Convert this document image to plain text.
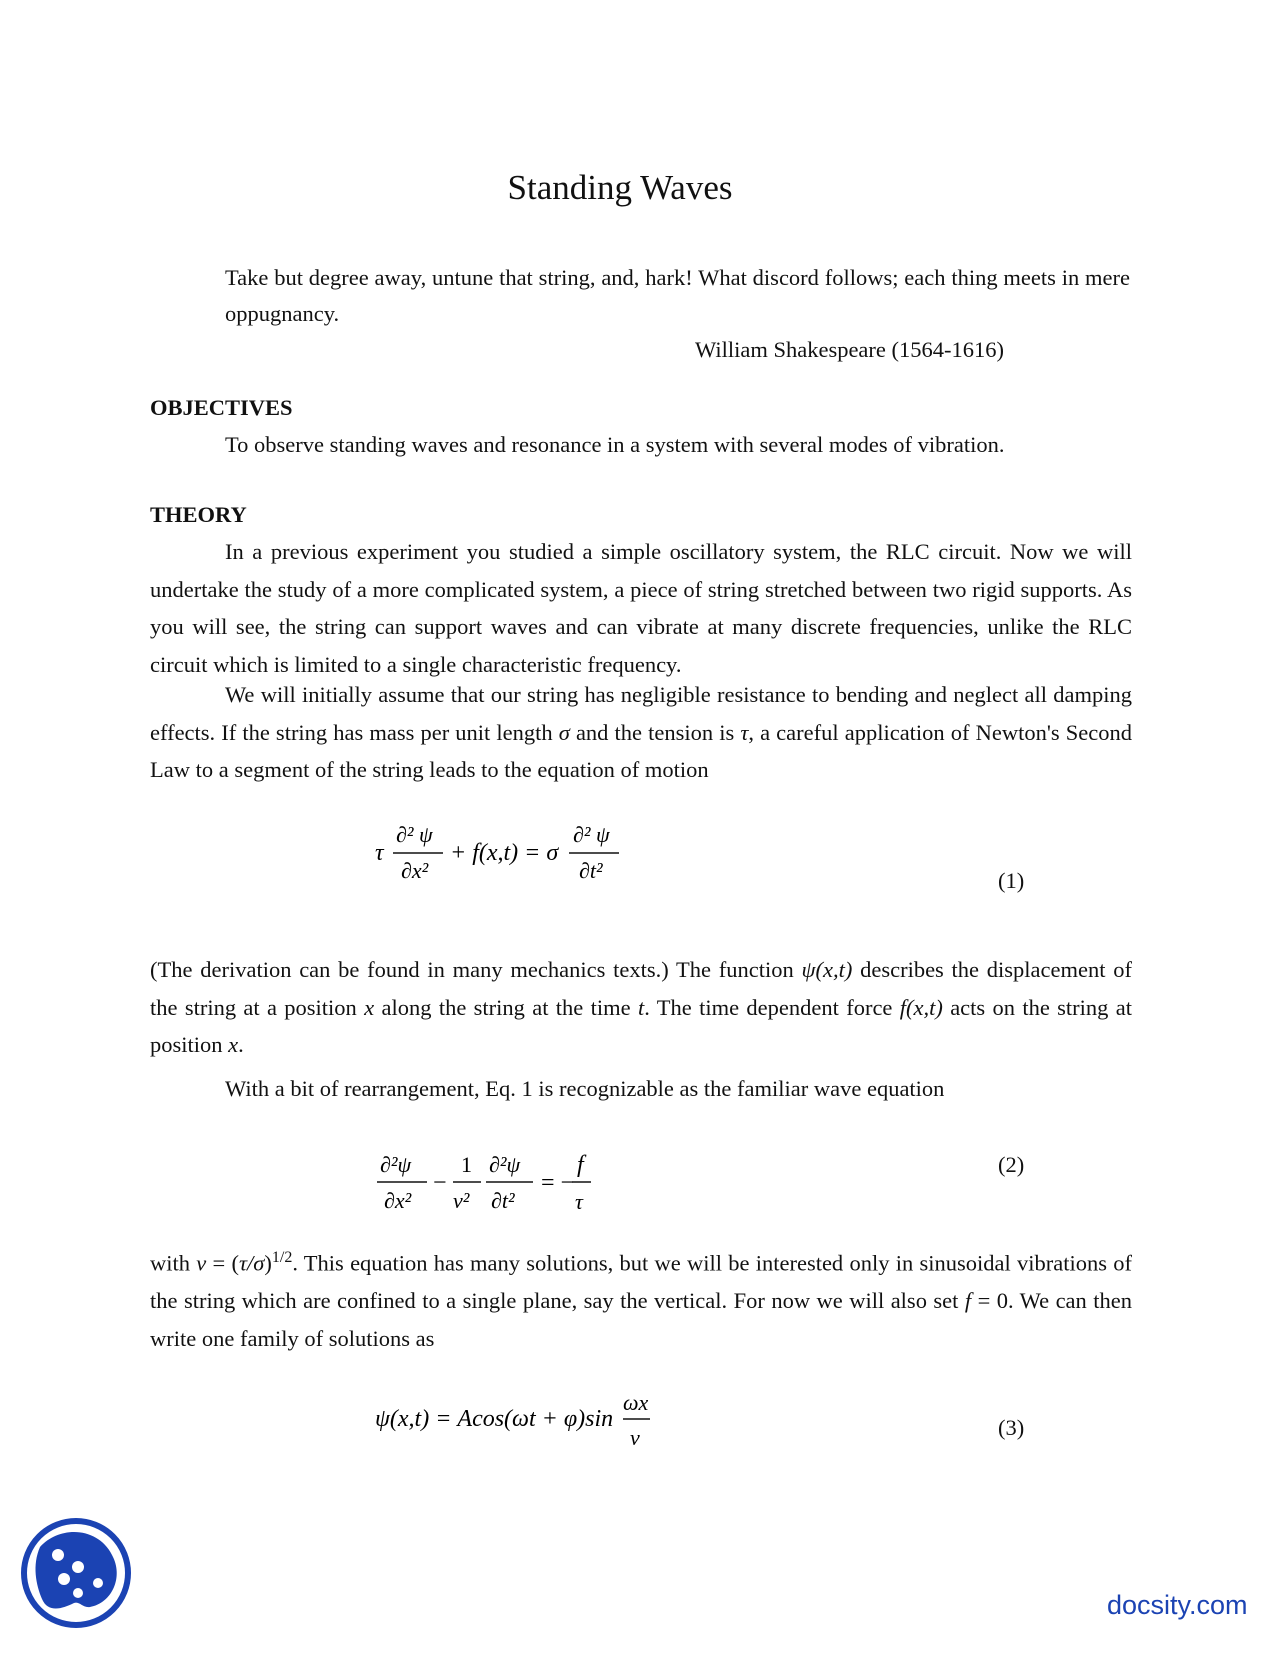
Standing Waves
Take but degree away, untune that string, and, hark! What discord follows; each thing meets in mere oppugnancy.
William Shakespeare (1564-1616)
OBJECTIVES

To observe standing waves and resonance in a system with several modes of vibration.

THEORY

In a previous experiment you studied a simple oscillatory system, the RLC circuit. Now we will undertake the study of a more complicated system, a piece of string stretched between two rigid supports. As you will see, the string can support waves and can vibrate at many discrete frequencies, unlike the RLC circuit which is limited to a single characteristic frequency.

We will initially assume that our string has negligible resistance to bending and neglect all damping effects. If the string has mass per unit length σ and the tension is τ, a careful application of Newton's Second Law to a segment of the string leads to the equation of motion

τ
∂² ψ
∂x²
+ f(x,t) = σ
∂² ψ
∂t²	(1)

(The derivation can be found in many mechanics texts.) The function ψ(x,t) describes the displacement of the string at a position x along the string at the time t. The time dependent force f(x,t) acts on the string at position x.

With a bit of rearrangement, Eq. 1 is recognizable as the familiar wave equation

∂²ψ
∂x²
−
1
v²
∂²ψ
∂t²
= −
f
τ
(2)

with $v = (\tau/\sigma)^{1/2}$. This equation has many solutions, but we will be interested only in sinusoidal vibrations of the string which are confined to a single plane, say the vertical. For now we will also set f = 0. We can then write one family of solutions as

ψ(x,t) = Acos(ωt + φ)sin
ωx
v	(3)
docsity.com
